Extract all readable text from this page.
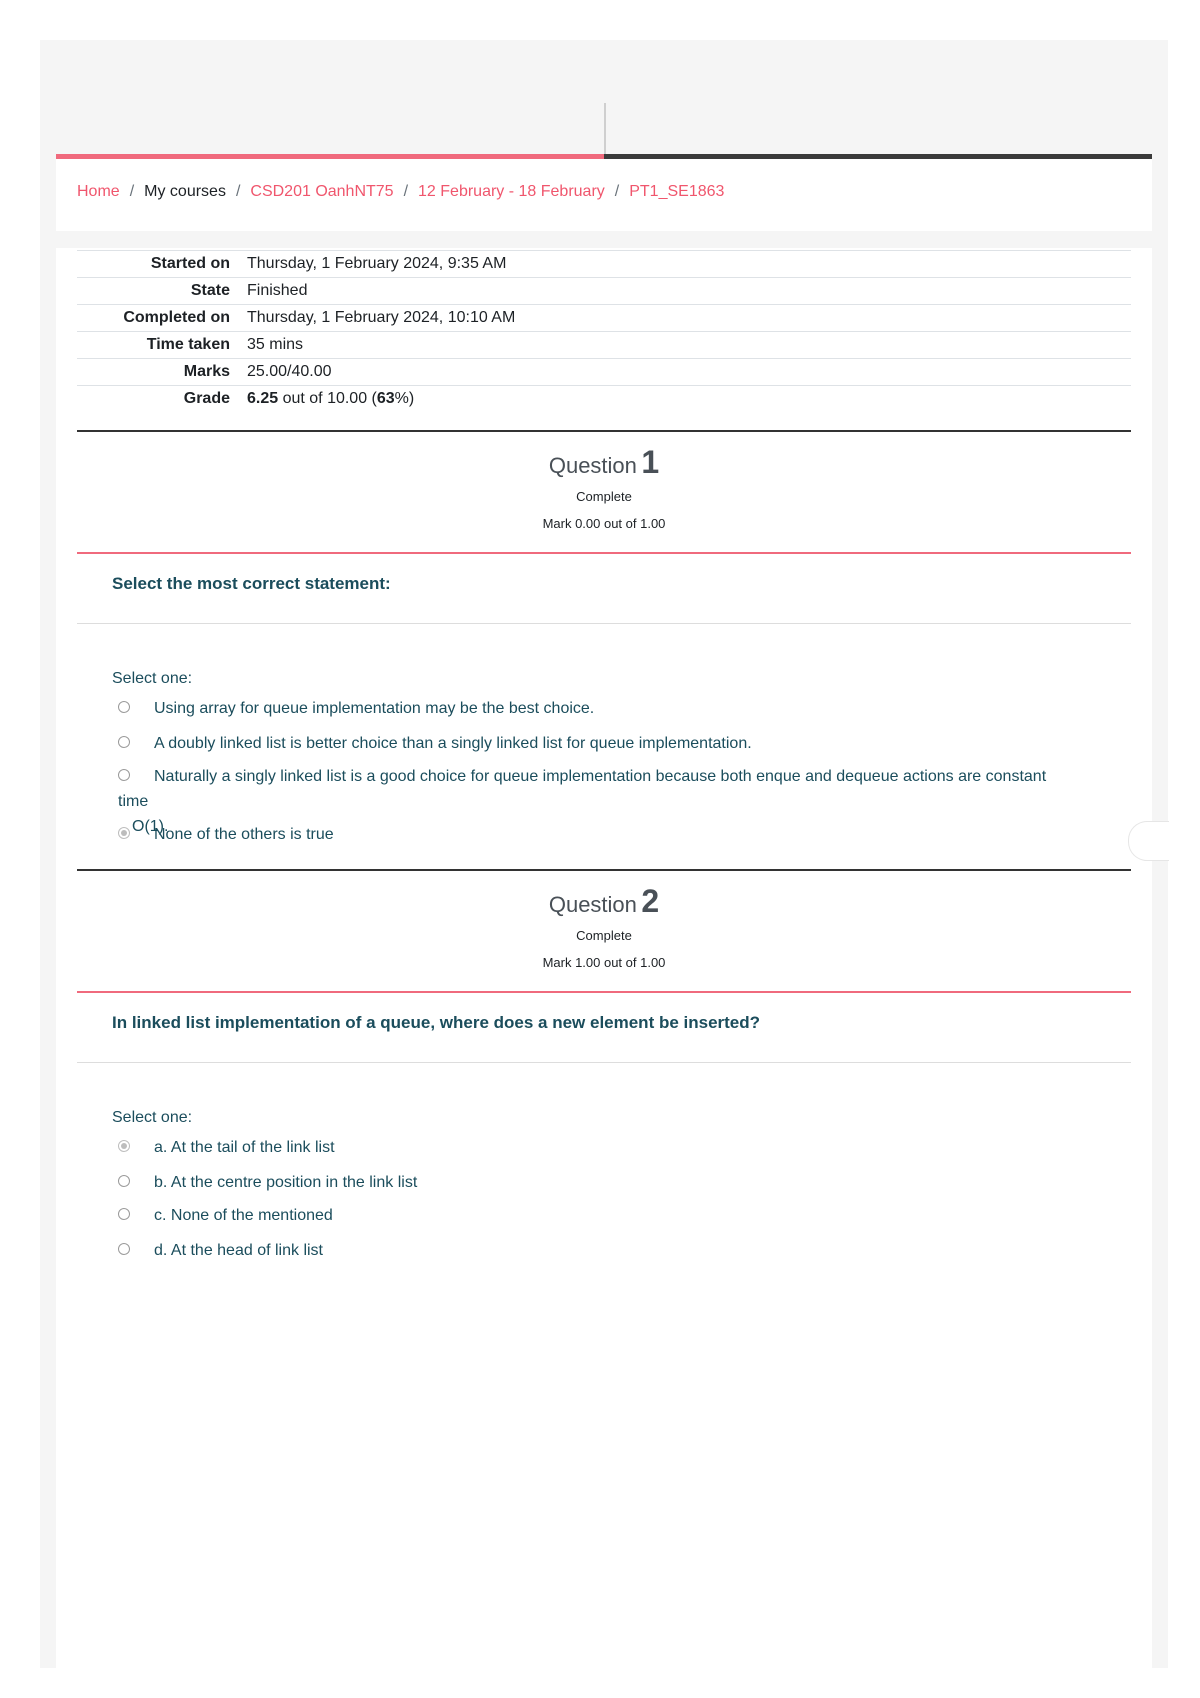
Home / My courses / CSD201 OanhNT75 / 12 February - 18 February / PT1_SE1863
Started on	Thursday, 1 February 2024, 9:35 AM
State	Finished
Completed on	Thursday, 1 February 2024, 10:10 AM
Time taken	35 mins
Marks	25.00/40.00
Grade	6.25 out of 10.00 (63%)
Question 1
Complete
Mark 0.00 out of 1.00
Select the most correct statement:
Select one:
Using array for queue implementation may be the best choice.
A doubly linked list is better choice than a singly linked list for queue implementation.
Naturally a singly linked list is a good choice for queue implementation because both enque and dequeue actions are constant time
O(1).
None of the others is true
Question 2
Complete
Mark 1.00 out of 1.00
In linked list implementation of a queue, where does a new element be inserted?
Select one:
a. At the tail of the link list
b. At the centre position in the link list
c. None of the mentioned
d. At the head of link list
